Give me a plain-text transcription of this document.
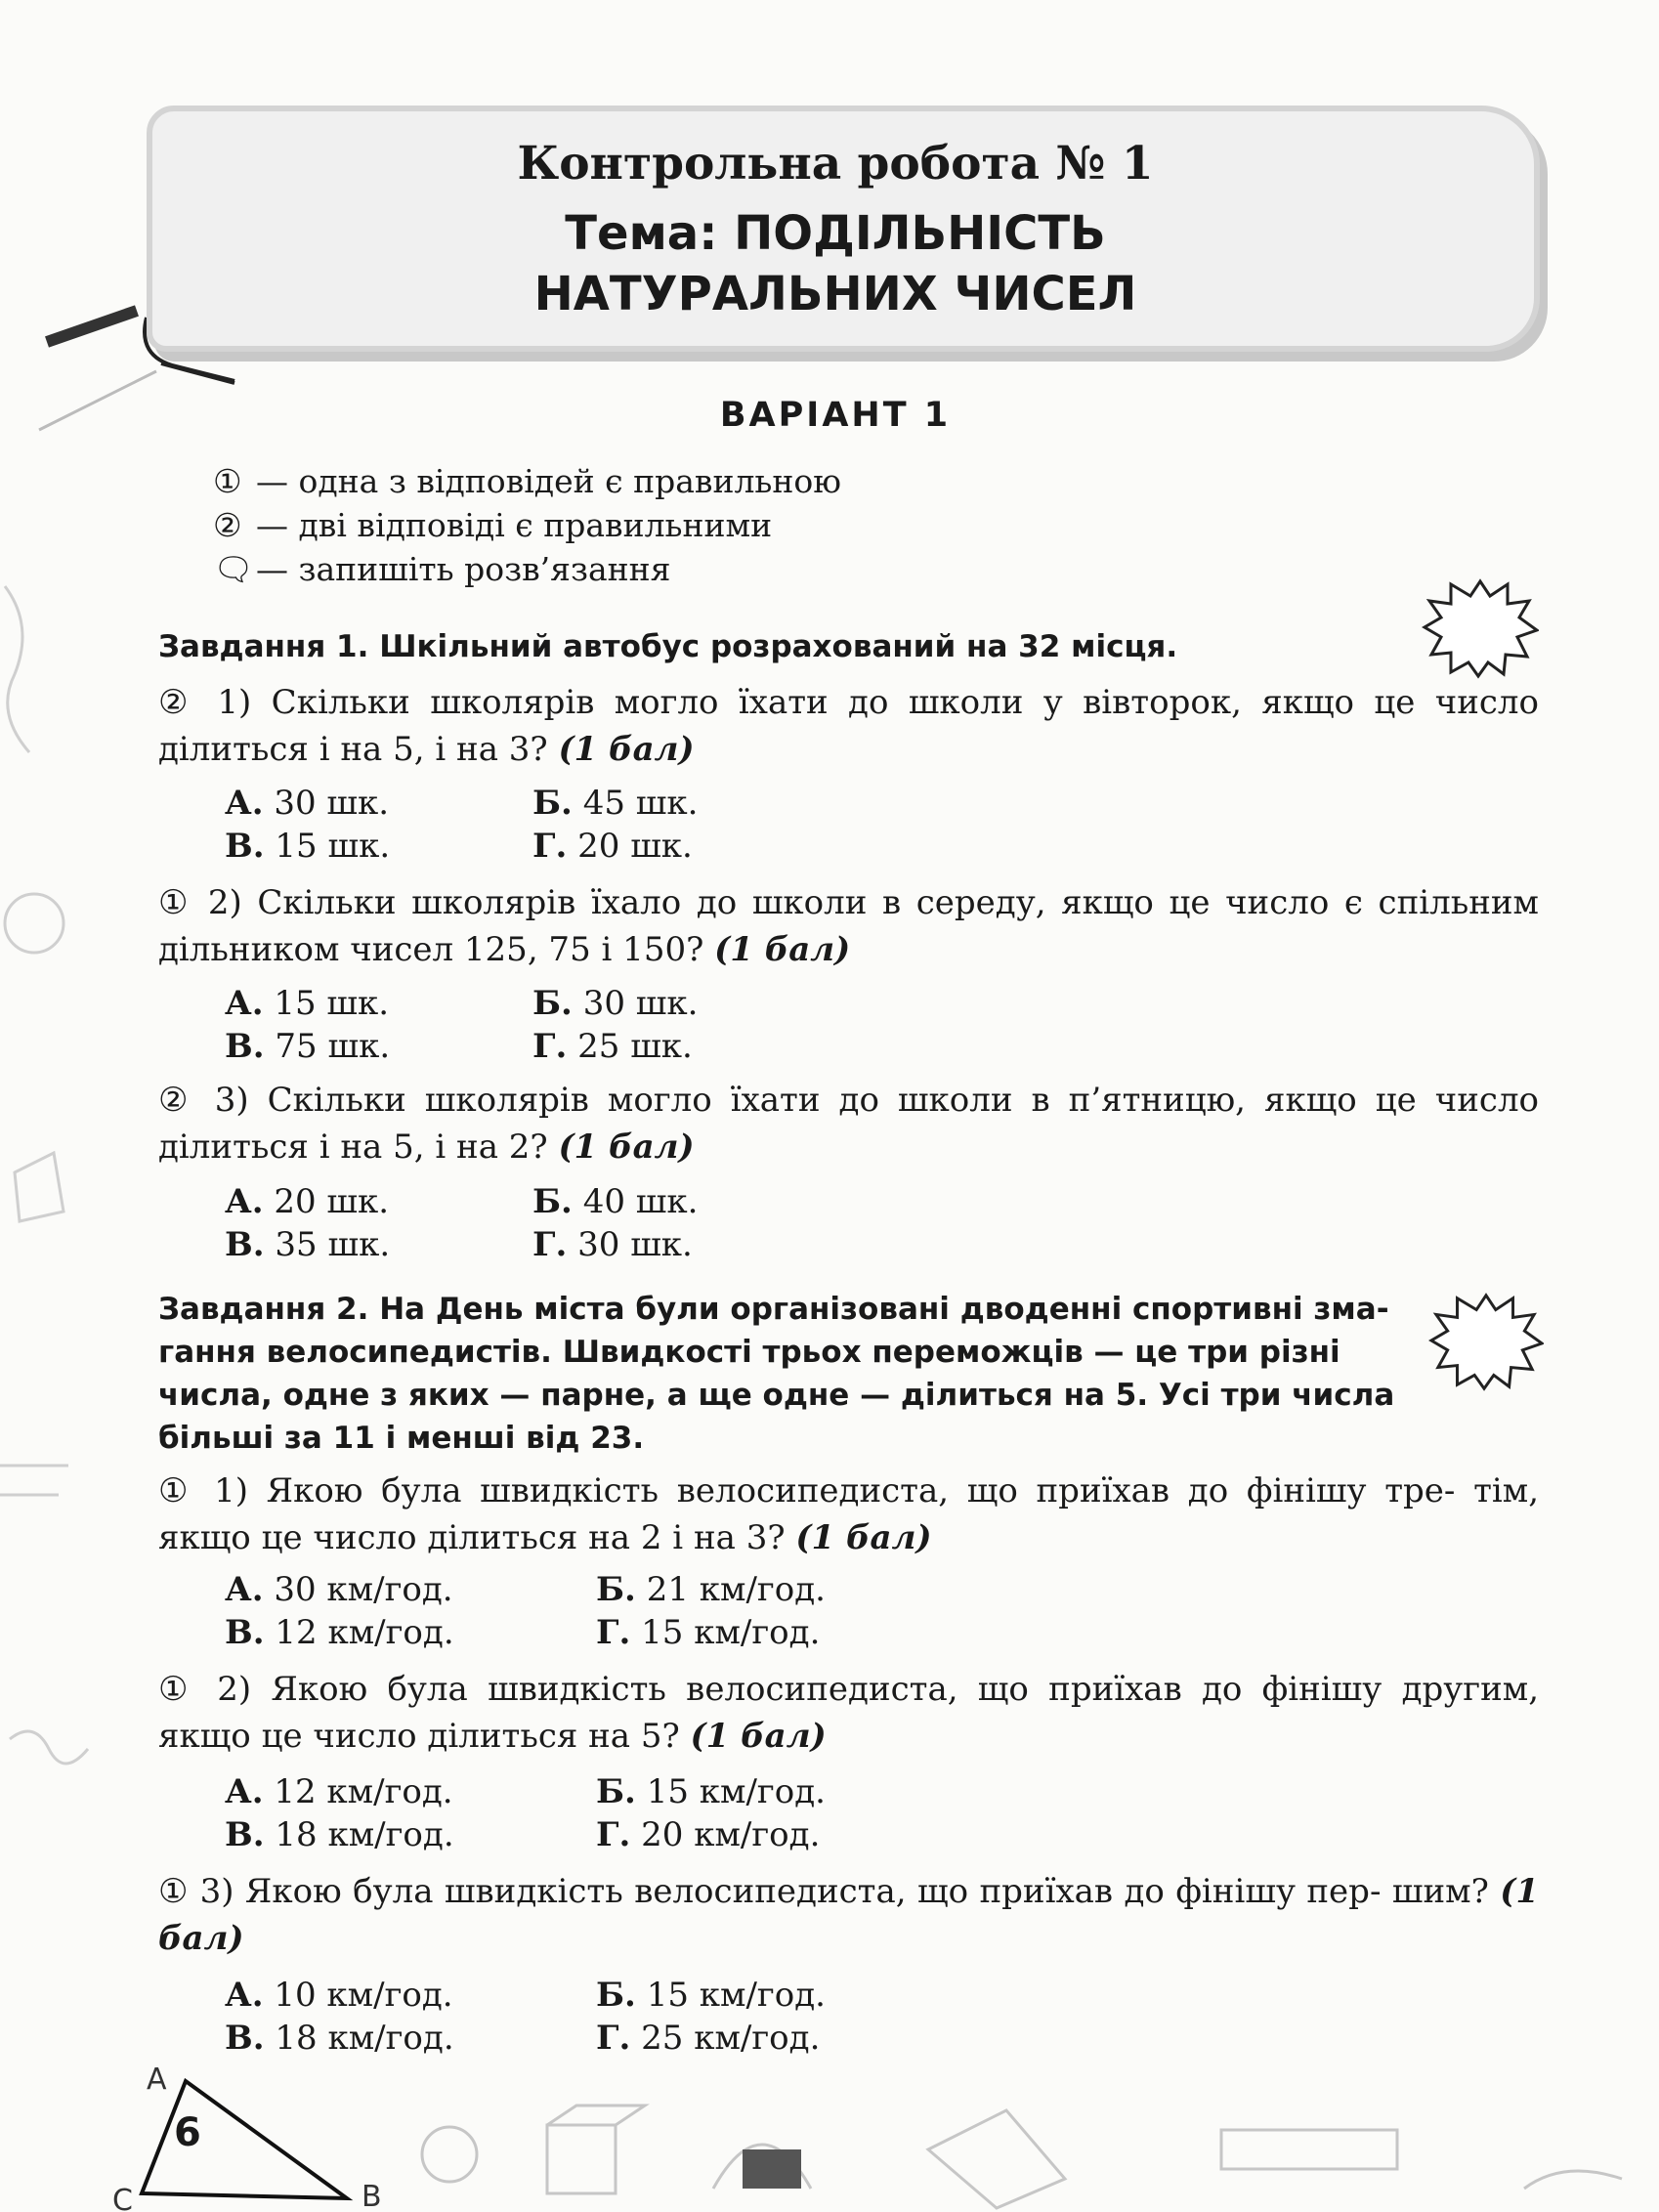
Контрольна робота № 1
Тема: ПОДІЛЬНІСТЬ
НАТУРАЛЬНИХ ЧИСЕЛ
ВАРІАНТ 1
① — одна з відповідей є правильною
② — дві відповіді є правильними
🗨— запишіть розв’язання
Завдання 1. Шкільний автобус розрахований на 32 місця.
② 1) Скільки школярів могло їхати до школи у вівторок, якщо це число ділиться і на 5, і на 3? (1 бал)
А. 30 шк.	Б. 45 шк.
В. 15 шк.	Г. 20 шк.
① 2) Скільки школярів їхало до школи в середу, якщо це число є спільним дільником чисел 125, 75 і 150? (1 бал)
А. 15 шк.	Б. 30 шк.
В. 75 шк.	Г. 25 шк.
② 3) Скільки школярів могло їхати до школи в п’ятницю, якщо це число ділиться і на 5, і на 2? (1 бал)
А. 20 шк.	Б. 40 шк.
В. 35 шк.	Г. 30 шк.
Завдання 2. На День міста були організовані дводенні спортивні зма-
гання велосипедистів. Швидкості трьох переможців — це три різні
числа, одне з яких — парне, а ще одне — ділиться на 5. Усі три числа
більші за 11 і менші від 23.
① 1) Якою була швидкість велосипедиста, що приїхав до фінішу тре- тім, якщо це число ділиться на 2 і на 3? (1 бал)
А. 30 км/год.	Б. 21 км/год.
В. 12 км/год.	Г. 15 км/год.
① 2) Якою була швидкість велосипедиста, що приїхав до фінішу другим, якщо це число ділиться на 5? (1 бал)
А. 12 км/год.	Б. 15 км/год.
В. 18 км/год.	Г. 20 км/год.
① 3) Якою була швидкість велосипедиста, що приїхав до фінішу пер- шим? (1 бал)
А. 10 км/год.	Б. 15 км/год.
В. 18 км/год.	Г. 25 км/год.
A
B
C
6
